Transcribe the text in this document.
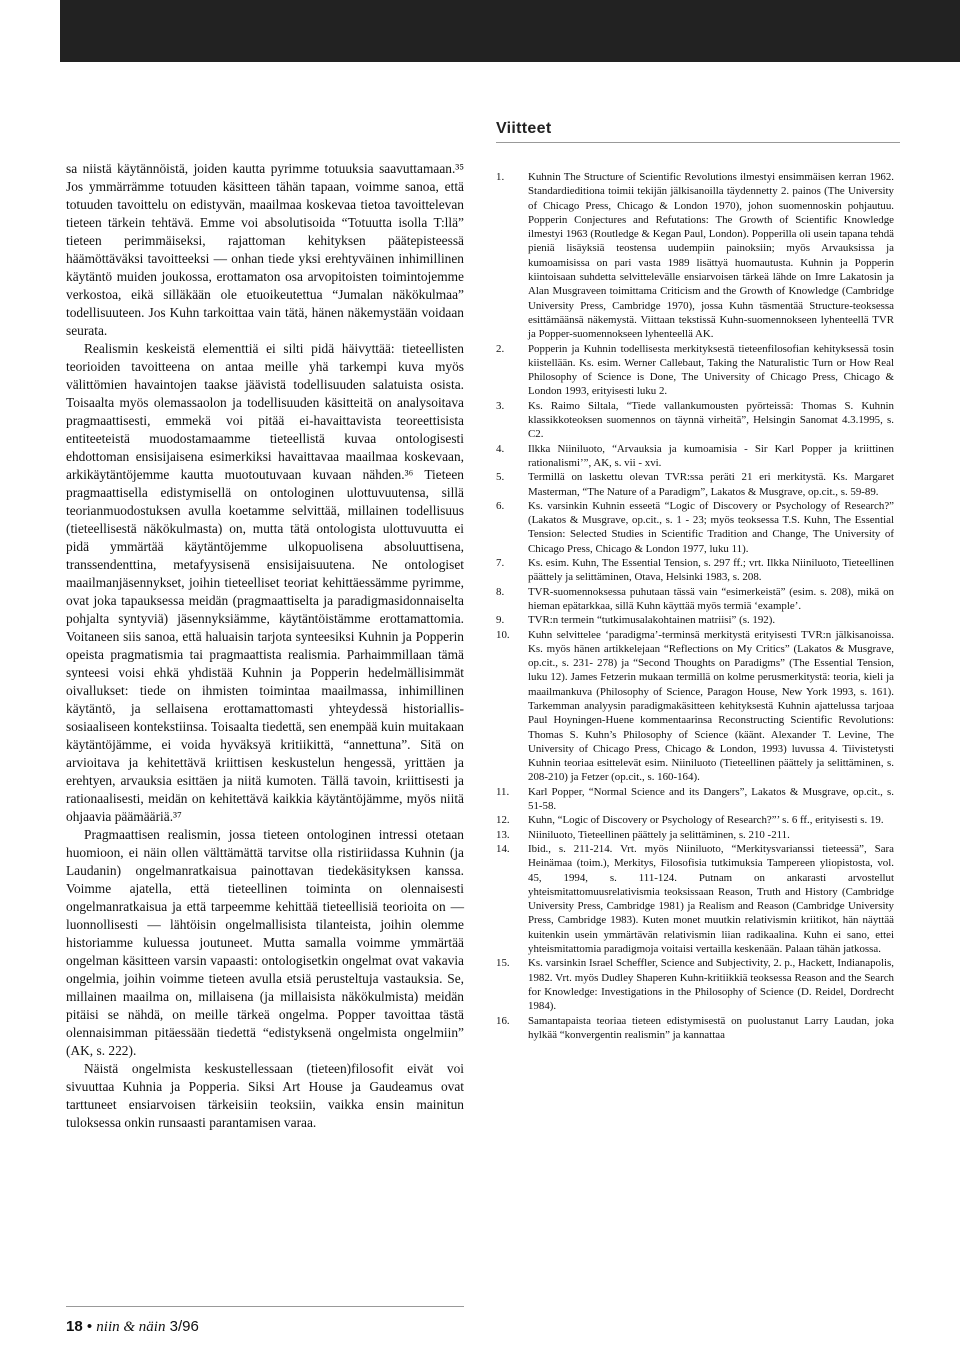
Viitteet

sa niistä käytännöistä, joiden kautta pyrimme totuuksia saavuttamaan.³⁵ Jos ymmärrämme totuuden käsitteen tähän tapaan, voimme sanoa, että totuuden tavoittelu on edistyvän, maailmaa koskevaa tietoa tavoittelevan tieteen tärkein tehtävä. Emme voi absolutisoida “Totuutta isolla T:llä” tieteen perimmäiseksi, rajattoman kehityksen päätepisteessä häämöttäväksi tavoitteeksi — onhan tiede yksi erehtyväinen inhimillinen käytäntö muiden joukossa, erottamaton osa arvopitoisten toimintojemme verkostoa, eikä silläkään ole etuoikeutettua “Jumalan näkökulmaa” todellisuuteen. Jos Kuhn tarkoittaa vain tätä, hänen näkemystään voidaan seurata.

Realismin keskeistä elementtiä ei silti pidä häivyttää: tieteellisten teorioiden tavoitteena on antaa meille yhä tarkempi kuva myös välittömien havaintojen taakse jäävistä todellisuuden salatuista osista. Toisaalta myös olemassaolon ja todellisuuden käsitteitä on analysoitava pragmaattisesti, emmekä voi pitää ei-havaittavista teoreettisista entiteeteistä muodostamaamme tieteellistä kuvaa ontologisesti ehdottoman ensisijaisena esimerkiksi havaittavaa maailmaa koskevaan, arkikäytäntöjemme kautta muotoutuvaan kuvaan nähden.³⁶ Tieteen pragmaattisella edistymisellä on ontologinen ulottuvuutensa, sillä teorianmuodostuksen avulla koetamme selvittää, millainen todellisuus (tieteellisestä näkökulmasta) on, mutta tätä ontologista ulottuvuutta ei pidä ymmärtää käytäntöjemme ulkopuolisena absoluuttisena, transsendenttina, metafyysisenä ensisijaisuutena. Ne ontologiset maailmanjäsennykset, joihin tieteelliset teoriat kehittäessämme pyrimme, ovat joka tapauksessa meidän (pragmaattiselta ja paradigmasidonnaiselta pohjalta syntyviä) jäsennyksiämme, käytäntöistämme erottamattomia. Voitaneen siis sanoa, että haluaisin tarjota synteesiksi Kuhnin ja Popperin opeista pragmatismia tai pragmaattista realismia. Parhaimmillaan tämä synteesi voisi ehkä yhdistää Kuhnin ja Popperin hedelmällisimmät oivallukset: tiede on ihmisten toimintaa maailmassa, inhimillinen käytäntö, ja sellaisena erottamattomasti yhteydessä historiallis-sosiaaliseen kontekstiinsa. Toisaalta tiedettä, sen enempää kuin muitakaan käytäntöjämme, ei voida hyväksyä kritiikittä, “annettuna”. Sitä on arvioitava ja kehitettävä kriittisen keskustelun hengessä, yrittäen ja erehtyen, arvauksia esittäen ja niitä kumoten. Tällä tavoin, kriittisesti ja rationaalisesti, meidän on kehitettävä kaikkia käytäntöjämme, myös niitä ohjaavia päämääriä.³⁷

Pragmaattisen realismin, jossa tieteen ontologinen intressi otetaan huomioon, ei näin ollen välttämättä tarvitse olla ristiriidassa Kuhnin (ja Laudanin) ongelmanratkaisua painottavan tiedekäsityksen kanssa. Voimme ajatella, että tieteellinen toiminta on olennaisesti ongelmanratkaisua ja että tarpeemme kehittää tieteellisiä teorioita on — luonnollisesti — lähtöisin ongelmallisista tilanteista, joihin olemme historiamme kuluessa joutuneet. Mutta samalla voimme ymmärtää ongelman käsitteen varsin vapaasti: ontologisetkin ongelmat ovat vakavia ongelmia, joihin voimme tieteen avulla etsiä perusteltuja vastauksia. Se, millainen maailma on, millaisena (ja millaisista näkökulmista) meidän pitäisi se nähdä, on meille tärkeä ongelma. Popper tavoittaa tästä olennaisimman pitäessään tiedettä “edistyksenä ongelmista ongelmiin” (AK, s. 222).

Näistä ongelmista keskustellessaan (tieteen)filosofit eivät voi sivuuttaa Kuhnia ja Popperia. Siksi Art House ja Gaudeamus ovat tarttuneet ensiarvoisen tärkeisiin teoksiin, vaikka ensin mainitun tuloksessa onkin runsaasti parantamisen varaa.

1.	Kuhnin The Structure of Scientific Revolutions ilmestyi ensimmäisen kerran 1962. Standardieditiona toimii tekijän jälkisanoilla täydennetty 2. painos (The University of Chicago Press, Chicago & London 1970), johon suomennoskin pohjautuu. Popperin Conjectures and Refutations: The Growth of Scientific Knowledge ilmestyi 1963 (Routledge & Kegan Paul, London). Popperilla oli usein tapana tehdä pieniä lisäyksiä teostensa uudempiin painoksiin; myös Arvauksissa ja kumoamisissa on pari vasta 1989 lisättyä huomautusta. Kuhnin ja Popperin kiintoisaan suhdetta selvittelevälle ensiarvoisen tärkeä lähde on Imre Lakatosin ja Alan Musgraveen toimittama Criticism and the Growth of Knowledge (Cambridge University Press, Cambridge 1970), jossa Kuhn täsmentää Structure-teoksessa esittämäänsä näkemystä. Viittaan tekstissä Kuhn-suomennokseen lyhenteellä TVR ja Popper-suomennokseen lyhenteellä AK.
2.	Popperin ja Kuhnin todellisesta merkityksestä tieteenfilosofian kehityksessä tosin kiistellään. Ks. esim. Werner Callebaut, Taking the Naturalistic Turn or How Real Philosophy of Science is Done, The University of Chicago Press, Chicago & London 1993, erityisesti luku 2.
3.	Ks. Raimo Siltala, “Tiede vallankumousten pyörteissä: Thomas S. Kuhnin klassikkoteoksen suomennos on täynnä virheitä”, Helsingin Sanomat 4.3.1995, s. C2.
4.	Ilkka Niiniluoto, “Arvauksia ja kumoamisia - Sir Karl Popper ja kriittinen rationalismi’”, AK, s. vii - xvi.
5.	Termillä on laskettu olevan TVR:ssa peräti 21 eri merkitystä. Ks. Margaret Masterman, “The Nature of a Paradigm”, Lakatos & Musgrave, op.cit., s. 59-89.
6.	Ks. varsinkin Kuhnin esseetä “Logic of Discovery or Psychology of Research?” (Lakatos & Musgrave, op.cit., s. 1 - 23; myös teoksessa T.S. Kuhn, The Essential Tension: Selected Studies in Scientific Tradition and Change, The University of Chicago Press, Chicago & London 1977, luku 11).
7.	Ks. esim. Kuhn, The Essential Tension, s. 297 ff.; vrt. Ilkka Niiniluoto, Tieteellinen päättely ja selittäminen, Otava, Helsinki 1983, s. 208.
8.	TVR-suomennoksessa puhutaan tässä vain “esimerkeistä” (esim. s. 208), mikä on hieman epätarkkaa, sillä Kuhn käyttää myös termiä ‘example’.
9.	TVR:n termein “tutkimusalakohtainen matriisi” (s. 192).
10.	Kuhn selvittelee ‘paradigma’-terminsä merkitystä erityisesti TVR:n jälkisanoissa. Ks. myös hänen artikkelejaan “Reflections on My Critics” (Lakatos & Musgrave, op.cit., s. 231- 278) ja “Second Thoughts on Paradigms” (The Essential Tension, luku 12). James Fetzerin mukaan termillä on kolme perusmerkitystä: teoria, kieli ja maailmankuva (Philosophy of Science, Paragon House, New York 1993, s. 161). Tarkemman analyysin paradigmakäsitteen kehityksestä Kuhnin ajattelussa tarjoaa Paul Hoyningen-Huene kommentaarinsa Reconstructing Scientific Revolutions: Thomas S. Kuhn’s Philosophy of Science (käänt. Alexander T. Levine, The University of Chicago Press, Chicago & London, 1993) luvussa 4. Tiivistetysti Kuhnin teoriaa esittelevät esim. Niiniluoto (Tieteellinen päättely ja selittäminen, s. 208-210) ja Fetzer (op.cit., s. 160-164).
11.	Karl Popper, “Normal Science and its Dangers”, Lakatos & Musgrave, op.cit., s. 51-58.
12.	Kuhn, “Logic of Discovery or Psychology of Research?”’ s. 6 ff., erityisesti s. 19.
13.	Niiniluoto, Tieteellinen päättely ja selittäminen, s. 210 -211.
14.	Ibid., s. 211-214. Vrt. myös Niiniluoto, “Merkitysvarianssi tieteessä”, Sara Heinämaa (toim.), Merkitys, Filosofisia tutkimuksia Tampereen yliopistosta, vol. 45, 1994, s. 111-124. Putnam on ankarasti arvostellut yhteismitattomuusrelativismia teoksissaan Reason, Truth and History (Cambridge University Press, Cambridge 1981) ja Realism and Reason (Cambridge University Press, Cambridge 1983). Kuten monet muutkin relativismin kriitikot, hän näyttää kuitenkin usein ymmärtävän relativismin liian radikaalina. Kuhn ei sano, ettei yhteismitattomia paradigmoja voitaisi vertailla keskenään. Palaan tähän jatkossa.
15.	Ks. varsinkin Israel Scheffler, Science and Subjectivity, 2. p., Hackett, Indianapolis, 1982. Vrt. myös Dudley Shaperen Kuhn-kritiikkiä teoksessa Reason and the Search for Knowledge: Investigations in the Philosophy of Science (D. Reidel, Dordrecht 1984).
16.	Samantapaista teoriaa tieteen edistymisestä on puolustanut Larry Laudan, joka hylkää “konvergentin realismin” ja kannattaa
18 • niin & näin 3/96
